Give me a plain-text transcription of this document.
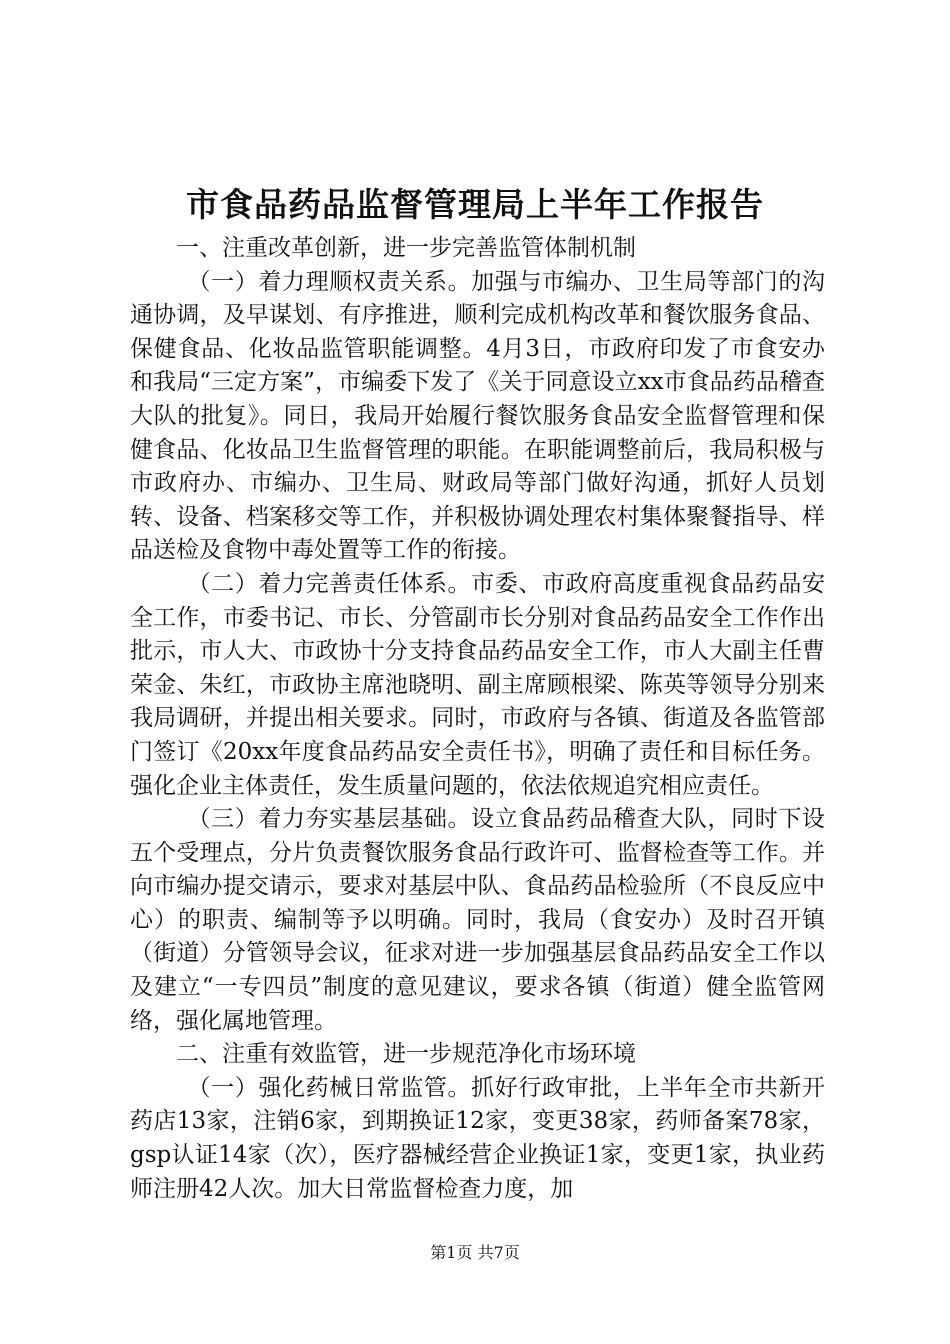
市食品药品监督管理局上半年工作报告

一、注重改革创新，进一步完善监管体制机制

（一）着力理顺权责关系。加强与市编办、卫生局等部门的沟通协调，及早谋划、有序推进，顺利完成机构改革和餐饮服务食品、保健食品、化妆品监管职能调整。4月3日，市政府印发了市食安办和我局“三定方案”，市编委下发了《关于同意设立xx市食品药品稽查大队的批复》。同日，我局开始履行餐饮服务食品安全监督管理和保健食品、化妆品卫生监督管理的职能。在职能调整前后，我局积极与市政府办、市编办、卫生局、财政局等部门做好沟通，抓好人员划转、设备、档案移交等工作，并积极协调处理农村集体聚餐指导、样品送检及食物中毒处置等工作的衔接。

（二）着力完善责任体系。市委、市政府高度重视食品药品安全工作，市委书记、市长、分管副市长分别对食品药品安全工作作出批示，市人大、市政协十分支持食品药品安全工作，市人大副主任曹荣金、朱红，市政协主席池晓明、副主席顾根梁、陈英等领导分别来我局调研，并提出相关要求。同时，市政府与各镇、街道及各监管部门签订《20xx年度食品药品安全责任书》，明确了责任和目标任务。强化企业主体责任，发生质量问题的，依法依规追究相应责任。

（三）着力夯实基层基础。设立食品药品稽查大队，同时下设五个受理点，分片负责餐饮服务食品行政许可、监督检查等工作。并向市编办提交请示，要求对基层中队、食品药品检验所（不良反应中心）的职责、编制等予以明确。同时，我局（食安办）及时召开镇（街道）分管领导会议，征求对进一步加强基层食品药品安全工作以及建立“一专四员”制度的意见建议，要求各镇（街道）健全监管网络，强化属地管理。

二、注重有效监管，进一步规范净化市场环境

（一）强化药械日常监管。抓好行政审批，上半年全市共新开药店13家，注销6家，到期换证12家，变更38家，药师备案78家，gsp认证14家（次），医疗器械经营企业换证1家，变更1家，执业药师注册42人次。加大日常监督检查力度，加

第1页 共7页
